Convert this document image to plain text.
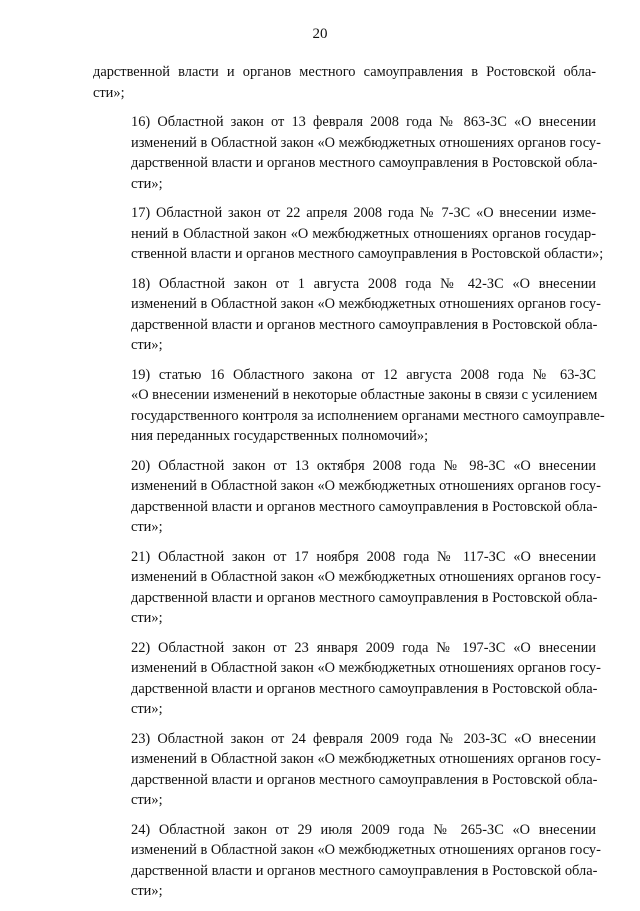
20
дарственной власти и органов местного самоуправления в Ростовской обла-
сти»;
16) Областной закон от 13 февраля 2008 года № 863-ЗС «О внесении
изменений в Областной закон «О межбюджетных отношениях органов госу-
дарственной власти и органов местного самоуправления в Ростовской обла-
сти»;
17) Областной закон от 22 апреля 2008 года № 7-ЗС «О внесении изме-
нений в Областной закон «О межбюджетных отношениях органов государ-
ственной власти и органов местного самоуправления в Ростовской области»;
18) Областной закон от 1 августа 2008 года № 42-ЗС «О внесении
изменений в Областной закон «О межбюджетных отношениях органов госу-
дарственной власти и органов местного самоуправления в Ростовской обла-
сти»;
19) статью 16 Областного закона от 12 августа 2008 года № 63-ЗС
«О внесении изменений в некоторые областные законы в связи с усилением
государственного контроля за исполнением органами местного самоуправле-
ния переданных государственных полномочий»;
20) Областной закон от 13 октября 2008 года № 98-ЗС «О внесении
изменений в Областной закон «О межбюджетных отношениях органов госу-
дарственной власти и органов местного самоуправления в Ростовской обла-
сти»;
21) Областной закон от 17 ноября 2008 года № 117-ЗС «О внесении
изменений в Областной закон «О межбюджетных отношениях органов госу-
дарственной власти и органов местного самоуправления в Ростовской обла-
сти»;
22) Областной закон от 23 января 2009 года № 197-ЗС «О внесении
изменений в Областной закон «О межбюджетных отношениях органов госу-
дарственной власти и органов местного самоуправления в Ростовской обла-
сти»;
23) Областной закон от 24 февраля 2009 года № 203-ЗС «О внесении
изменений в Областной закон «О межбюджетных отношениях органов госу-
дарственной власти и органов местного самоуправления в Ростовской обла-
сти»;
24) Областной закон от 29 июля 2009 года № 265-ЗС «О внесении
изменений в Областной закон «О межбюджетных отношениях органов госу-
дарственной власти и органов местного самоуправления в Ростовской обла-
сти»;
